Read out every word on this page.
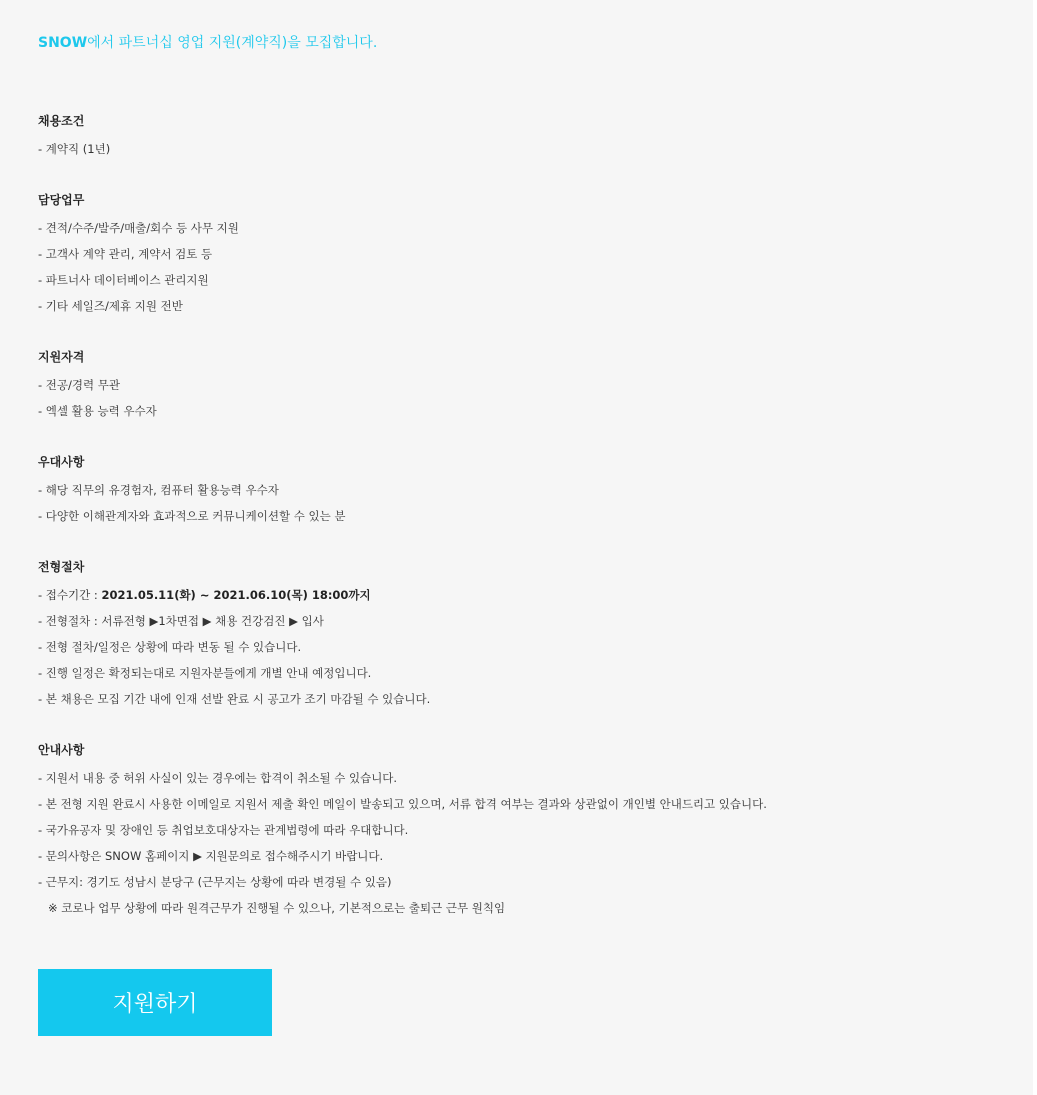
SNOW에서 파트너십 영업 지원(계약직)을 모집합니다.
채용조건
- 계약직 (1년)
담당업무
- 견적/수주/발주/매출/회수 등 사무 지원
- 고객사 계약 관리, 계약서 검토 등
- 파트너사 데이터베이스 관리지원
- 기타 세일즈/제휴 지원 전반
지원자격
- 전공/경력 무관
- 엑셀 활용 능력 우수자
우대사항
- 해당 직무의 유경험자, 컴퓨터 활용능력 우수자
- 다양한 이해관계자와 효과적으로 커뮤니케이션할 수 있는 분
전형절차
- 접수기간 : 2021.05.11(화) ~ 2021.06.10(목) 18:00까지
- 전형절차 : 서류전형 ▶1차면접 ▶ 채용 건강검진 ▶ 입사
- 전형 절차/일정은 상황에 따라 변동 될 수 있습니다.
- 진행 일정은 확정되는대로 지원자분들에게 개별 안내 예정입니다.
- 본 채용은 모집 기간 내에 인재 선발 완료 시 공고가 조기 마감될 수 있습니다.
안내사항
- 지원서 내용 중 허위 사실이 있는 경우에는 합격이 취소될 수 있습니다.
- 본 전형 지원 완료시 사용한 이메일로 지원서 제출 확인 메일이 발송되고 있으며, 서류 합격 여부는 결과와 상관없이 개인별 안내드리고 있습니다.
- 국가유공자 및 장애인 등 취업보호대상자는 관계법령에 따라 우대합니다.
- 문의사항은 SNOW 홈페이지 ▶ 지원문의로 접수해주시기 바랍니다.
- 근무지: 경기도 성남시 분당구 (근무지는 상황에 따라 변경될 수 있음)
※ 코로나 업무 상황에 따라 원격근무가 진행될 수 있으나, 기본적으로는 출퇴근 근무 원칙임
지원하기
